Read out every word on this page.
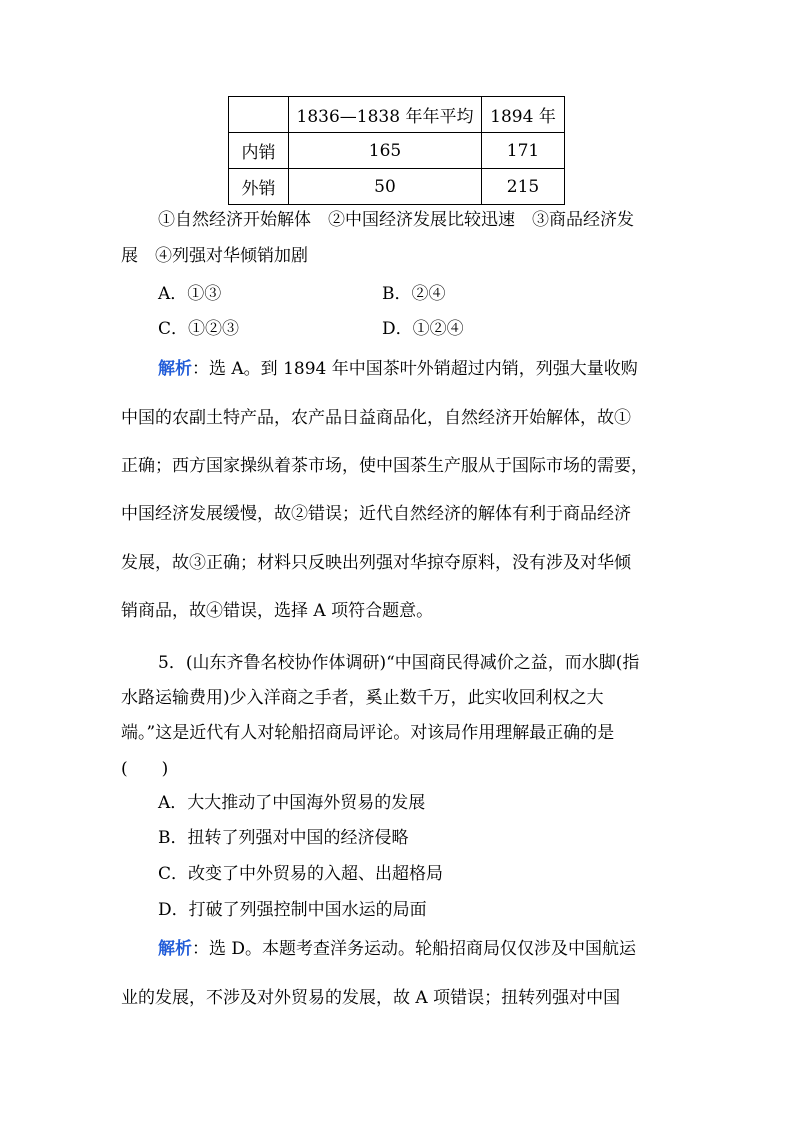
	1836—1838 年年平均	1894 年
内销	165	171
外销	50	215
①自然经济开始解体　②中国经济发展比较迅速　③商品经济发
展　④列强对华倾销加剧
A．①③	B．②④
C．①②③	D．①②④
解析：选 A。到 1894 年中国茶叶外销超过内销，列强大量收购
中国的农副土特产品，农产品日益商品化，自然经济开始解体，故①
正确；西方国家操纵着茶市场，使中国茶生产服从于国际市场的需要，
中国经济发展缓慢，故②错误；近代自然经济的解体有利于商品经济
发展，故③正确；材料只反映出列强对华掠夺原料，没有涉及对华倾
销商品，故④错误，选择 A 项符合题意。
5．(山东齐鲁名校协作体调研)“中国商民得减价之益，而水脚(指
水路运输费用)少入洋商之手者，奚止数千万，此实收回利权之大
端。”这是近代有人对轮船招商局评论。对该局作用理解最正确的是
(　　)
A．大大推动了中国海外贸易的发展
B．扭转了列强对中国的经济侵略
C．改变了中外贸易的入超、出超格局
D．打破了列强控制中国水运的局面
解析：选 D。本题考查洋务运动。轮船招商局仅仅涉及中国航运
业的发展，不涉及对外贸易的发展，故 A 项错误；扭转列强对中国
